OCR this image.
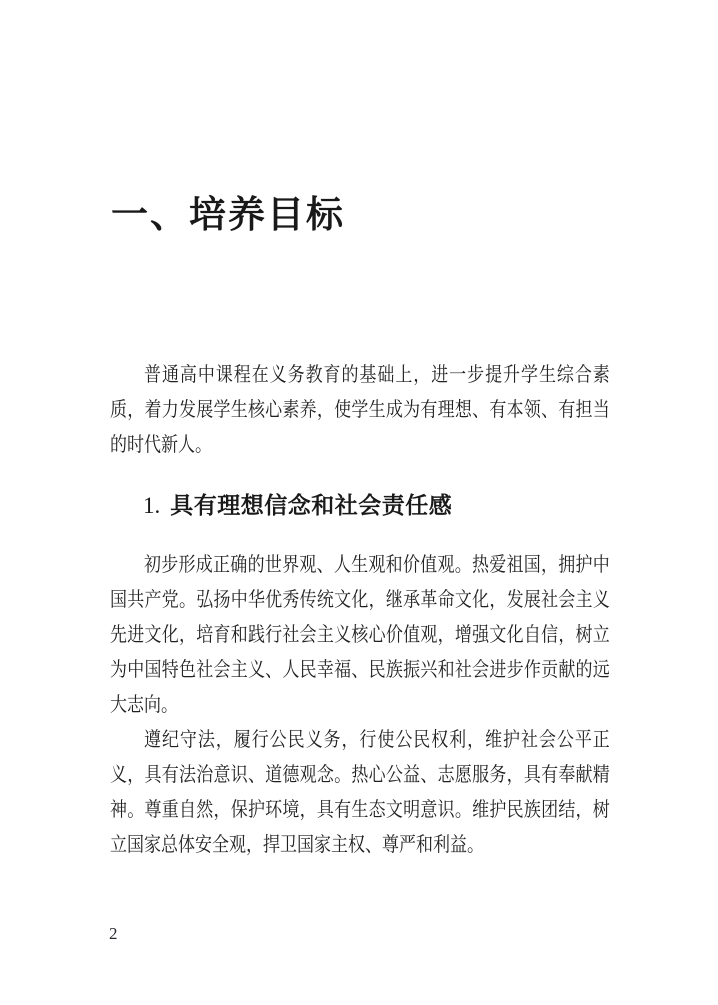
一、培养目标

普通高中课程在义务教育的基础上，进一步提升学生综合素质，着力发展学生核心素养，使学生成为有理想、有本领、有担当的时代新人。

1. 具有理想信念和社会责任感

初步形成正确的世界观、人生观和价值观。热爱祖国，拥护中国共产党。弘扬中华优秀传统文化，继承革命文化，发展社会主义先进文化，培育和践行社会主义核心价值观，增强文化自信，树立为中国特色社会主义、人民幸福、民族振兴和社会进步作贡献的远大志向。

遵纪守法，履行公民义务，行使公民权利，维护社会公平正义，具有法治意识、道德观念。热心公益、志愿服务，具有奉献精神。尊重自然，保护环境，具有生态文明意识。维护民族团结，树立国家总体安全观，捍卫国家主权、尊严和利益。

2
